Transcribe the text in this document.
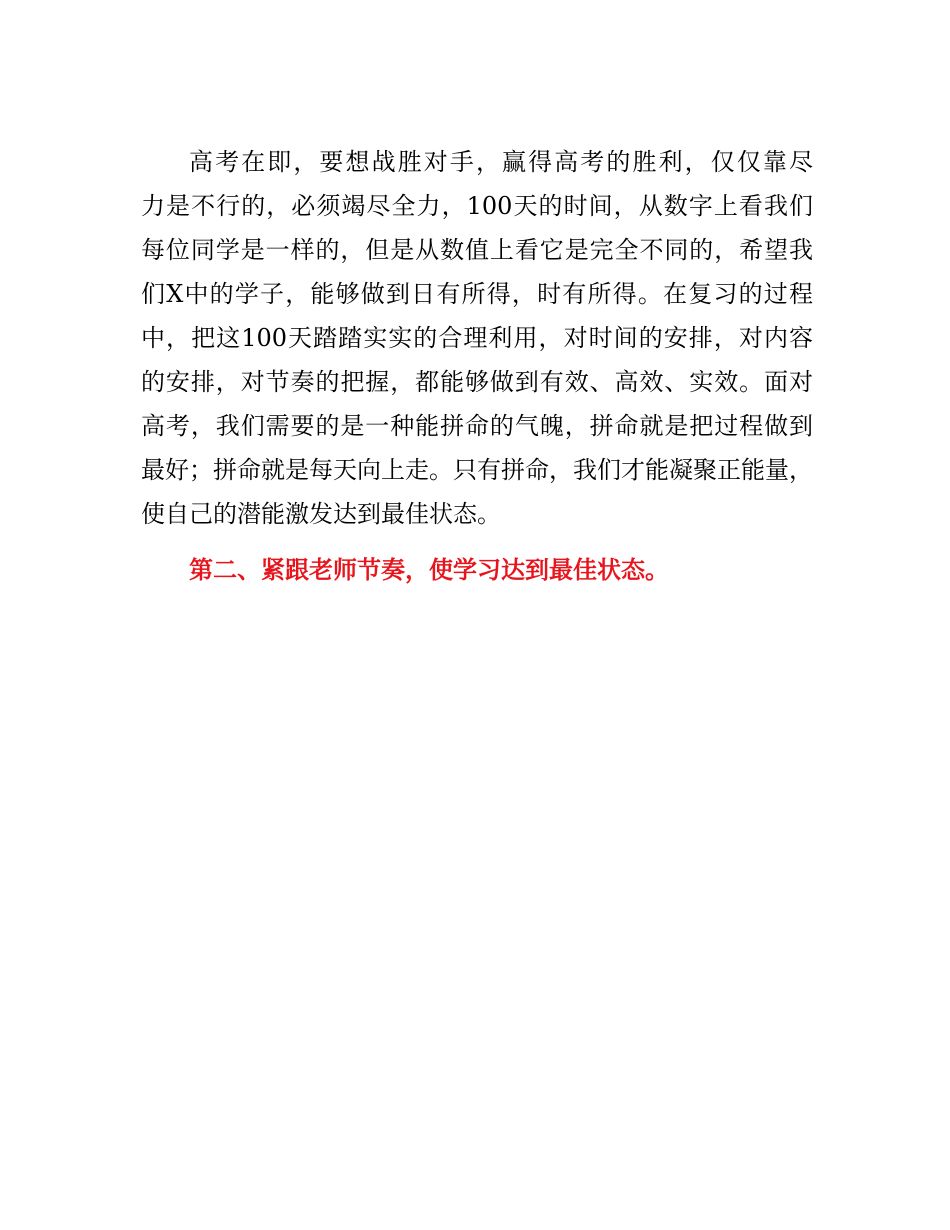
高考在即，要想战胜对手，赢得高考的胜利，仅仅靠尽
力是不行的，必须竭尽全力，100天的时间，从数字上看我们
每位同学是一样的，但是从数值上看它是完全不同的，希望我
们X中的学子，能够做到日有所得，时有所得。在复习的过程
中，把这100天踏踏实实的合理利用，对时间的安排，对内容
的安排，对节奏的把握，都能够做到有效、高效、实效。面对
高考，我们需要的是一种能拼命的气魄，拼命就是把过程做到
最好；拼命就是每天向上走。只有拼命，我们才能凝聚正能量，
使自己的潜能激发达到最佳状态。

第二、紧跟老师节奏，使学习达到最佳状态。
